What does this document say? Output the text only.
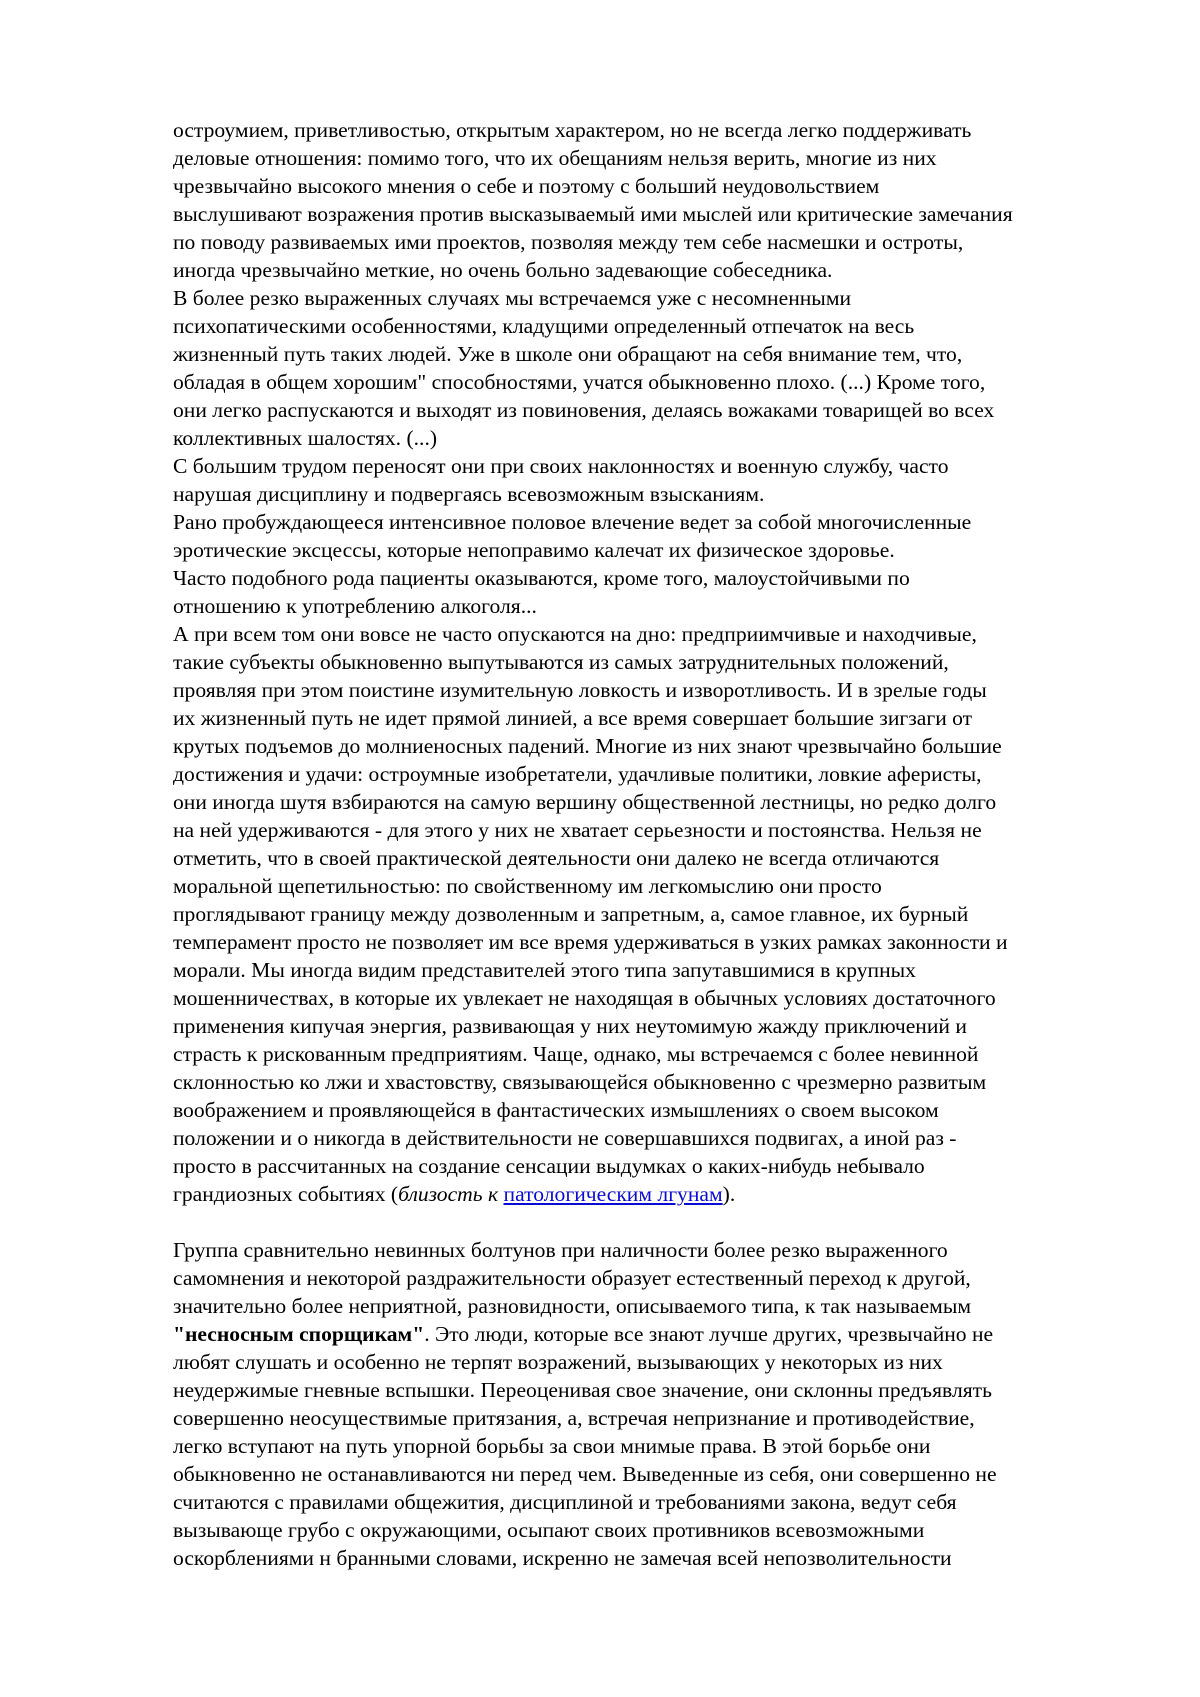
остроумием, приветливостью, открытым характером, но не всегда легко поддерживать
деловые отношения: помимо того, что их обещаниям нельзя верить, многие из них
чрезвычайно высокого мнения о себе и поэтому с больший неудовольствием
выслушивают возражения против высказываемый ими мыслей или критические замечания
по поводу развиваемых ими проектов, позволяя между тем себе насмешки и остроты,
иногда чрезвычайно меткие, но очень больно задевающие собеседника.
В более резко выраженных случаях мы встречаемся уже с несомненными
психопатическими особенностями, кладущими определенный отпечаток на весь
жизненный путь таких людей. Уже в школе они обращают на себя внимание тем, что,
обладая в общем хорошим" способностями, учатся обыкновенно плохо. (...) Кроме того,
они легко распускаются и выходят из повиновения, делаясь вожаками товарищей во всех
коллективных шалостях. (...)
С большим трудом переносят они при своих наклонностях и военную службу, часто
нарушая дисциплину и подвергаясь всевозможным взысканиям.
Рано пробуждающееся интенсивное половое влечение ведет за собой многочисленные
эротические эксцессы, которые непоправимо калечат их физическое здоровье.
Часто подобного рода пациенты оказываются, кроме того, малоустойчивыми по
отношению к употреблению алкоголя...
А при всем том они вовсе не часто опускаются на дно: предприимчивые и находчивые,
такие субъекты обыкновенно выпутываются из самых затруднительных положений,
проявляя при этом поистине изумительную ловкость и изворотливость. И в зрелые годы
их жизненный путь не идет прямой линией, а все время совершает большие зигзаги от
крутых подъемов до молниеносных падений. Многие из них знают чрезвычайно большие
достижения и удачи: остроумные изобретатели, удачливые политики, ловкие аферисты,
они иногда шутя взбираются на самую вершину общественной лестницы, но редко долго
на ней удерживаются - для этого у них не хватает серьезности и постоянства. Нельзя не
отметить, что в своей практической деятельности они далеко не всегда отличаются
моральной щепетильностью: по свойственному им легкомыслию они просто
проглядывают границу между дозволенным и запретным, а, самое главное, их бурный
темперамент просто не позволяет им все время удерживаться в узких рамках законности и
морали. Мы иногда видим представителей этого типа запутавшимися в крупных
мошенничествах, в которые их увлекает не находящая в обычных условиях достаточного
применения кипучая энергия, развивающая у них неутомимую жажду приключений и
страсть к рискованным предприятиям. Чаще, однако, мы встречаемся с более невинной
склонностью ко лжи и хвастовству, связывающейся обыкновенно с чрезмерно развитым
воображением и проявляющейся в фантастических измышлениях о своем высоком
положении и о никогда в действительности не совершавшихся подвигах, а иной раз -
просто в рассчитанных на создание сенсации выдумках о каких-нибудь небывало
грандиозных событиях (близость к патологическим лгунам).
Группа сравнительно невинных болтунов при наличности более резко выраженного
самомнения и некоторой раздражительности образует естественный переход к другой,
значительно более неприятной, разновидности, описываемого типа, к так называемым
"несносным спорщикам". Это люди, которые все знают лучше других, чрезвычайно не
любят слушать и особенно не терпят возражений, вызывающих у некоторых из них
неудержимые гневные вспышки. Переоценивая свое значение, они склонны предъявлять
совершенно неосуществимые притязания, а, встречая непризнание и противодействие,
легко вступают на путь упорной борьбы за свои мнимые права. В этой борьбе они
обыкновенно не останавливаются ни перед чем. Выведенные из себя, они совершенно не
считаются с правилами общежития, дисциплиной и требованиями закона, ведут себя
вызывающе грубо с окружающими, осыпают своих противников всевозможными
оскорблениями н бранными словами, искренно не замечая всей непозволительности
